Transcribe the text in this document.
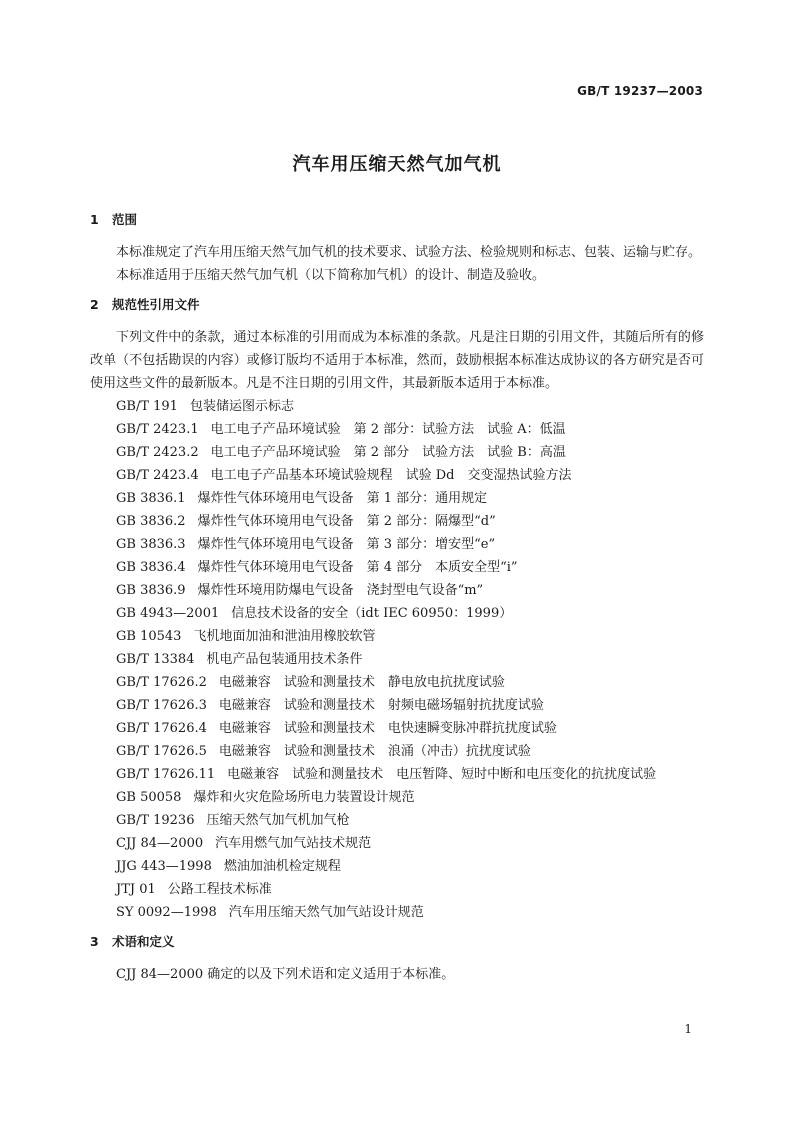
GB/T 19237—2003
汽车用压缩天然气加气机
1 范围

本标准规定了汽车用压缩天然气加气机的技术要求、试验方法、检验规则和标志、包装、运输与贮存。

本标准适用于压缩天然气加气机（以下简称加气机）的设计、制造及验收。

2 规范性引用文件

下列文件中的条款，通过本标准的引用而成为本标准的条款。凡是注日期的引用文件，其随后所有的修改单（不包括勘误的内容）或修订版均不适用于本标准，然而，鼓励根据本标准达成协议的各方研究是否可使用这些文件的最新版本。凡是不注日期的引用文件，其最新版本适用于本标准。

GB/T 191 包装储运图示标志
GB/T 2423.1 电工电子产品环境试验　第 2 部分：试验方法　试验 A：低温
GB/T 2423.2 电工电子产品环境试验　第 2 部分　试验方法　试验 B：高温
GB/T 2423.4 电工电子产品基本环境试验规程　试验 Dd　交变湿热试验方法
GB 3836.1 爆炸性气体环境用电气设备　第 1 部分：通用规定
GB 3836.2 爆炸性气体环境用电气设备　第 2 部分：隔爆型“d”
GB 3836.3 爆炸性气体环境用电气设备　第 3 部分：增安型“e”
GB 3836.4 爆炸性气体环境用电气设备　第 4 部分　本质安全型“i”
GB 3836.9 爆炸性环境用防爆电气设备　浇封型电气设备“m”
GB 4943—2001 信息技术设备的安全（idt IEC 60950：1999）
GB 10543 飞机地面加油和泄油用橡胶软管
GB/T 13384 机电产品包装通用技术条件
GB/T 17626.2 电磁兼容　试验和测量技术　静电放电抗扰度试验
GB/T 17626.3 电磁兼容　试验和测量技术　射频电磁场辐射抗扰度试验
GB/T 17626.4 电磁兼容　试验和测量技术　电快速瞬变脉冲群抗扰度试验
GB/T 17626.5 电磁兼容　试验和测量技术　浪涌（冲击）抗扰度试验
GB/T 17626.11 电磁兼容　试验和测量技术　电压暂降、短时中断和电压变化的抗扰度试验
GB 50058 爆炸和火灾危险场所电力装置设计规范
GB/T 19236 压缩天然气加气机加气枪
CJJ 84—2000 汽车用燃气加气站技术规范
JJG 443—1998 燃油加油机检定规程
JTJ 01 公路工程技术标准
SY 0092—1998 汽车用压缩天然气加气站设计规范
3 术语和定义

CJJ 84—2000 确定的以及下列术语和定义适用于本标准。

1
